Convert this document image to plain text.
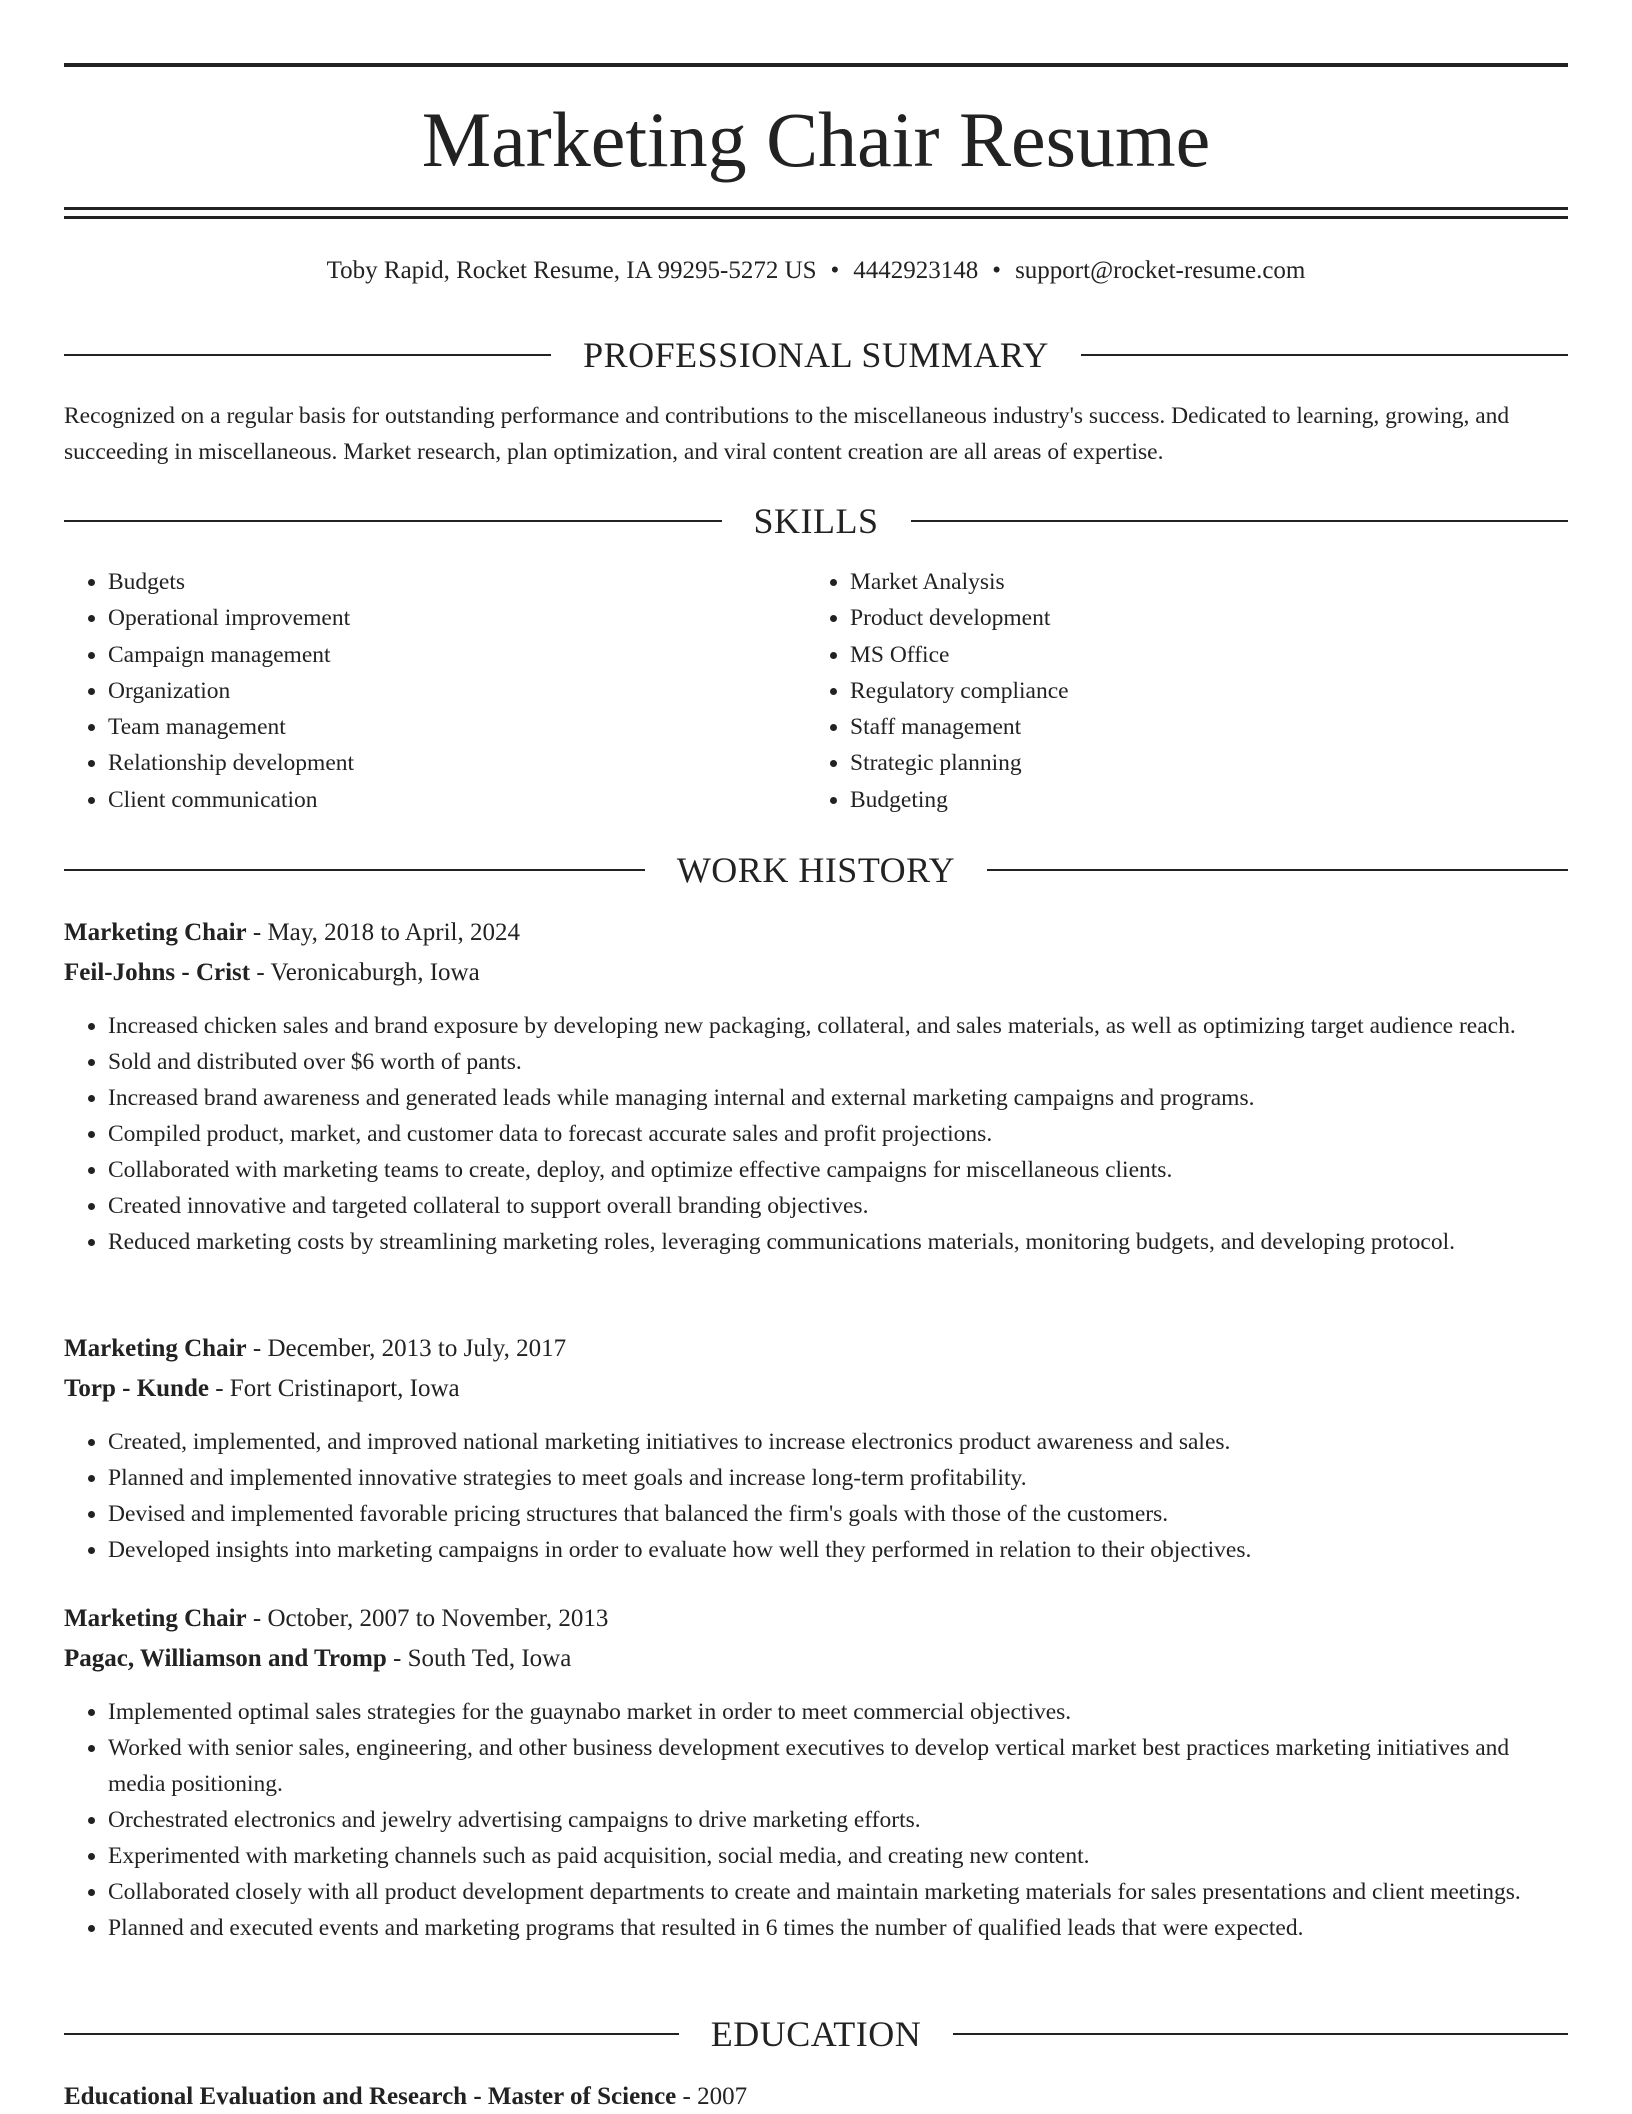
Marketing Chair Resume
Toby Rapid, Rocket Resume, IA 99295-5272 US • 4442923148 • support@rocket-resume.com
PROFESSIONAL SUMMARY

Recognized on a regular basis for outstanding performance and contributions to the miscellaneous industry's success. Dedicated to learning, growing, and succeeding in miscellaneous. Market research, plan optimization, and viral content creation are all areas of expertise.

SKILLS
• Budgets
• Operational improvement
• Campaign management
• Organization
• Team management
• Relationship development
• Client communication
• Market Analysis
• Product development
• MS Office
• Regulatory compliance
• Staff management
• Strategic planning
• Budgeting
WORK HISTORY
Marketing Chair - May, 2018 to April, 2024
Feil-Johns - Crist - Veronicaburgh, Iowa
• Increased chicken sales and brand exposure by developing new packaging, collateral, and sales materials, as well as optimizing target audience reach.
• Sold and distributed over $6 worth of pants.
• Increased brand awareness and generated leads while managing internal and external marketing campaigns and programs.
• Compiled product, market, and customer data to forecast accurate sales and profit projections.
• Collaborated with marketing teams to create, deploy, and optimize effective campaigns for miscellaneous clients.
• Created innovative and targeted collateral to support overall branding objectives.
• Reduced marketing costs by streamlining marketing roles, leveraging communications materials, monitoring budgets, and developing protocol.
Marketing Chair - December, 2013 to July, 2017
Torp - Kunde - Fort Cristinaport, Iowa
• Created, implemented, and improved national marketing initiatives to increase electronics product awareness and sales.
• Planned and implemented innovative strategies to meet goals and increase long-term profitability.
• Devised and implemented favorable pricing structures that balanced the firm's goals with those of the customers.
• Developed insights into marketing campaigns in order to evaluate how well they performed in relation to their objectives.
Marketing Chair - October, 2007 to November, 2013
Pagac, Williamson and Tromp - South Ted, Iowa
• Implemented optimal sales strategies for the guaynabo market in order to meet commercial objectives.
• Worked with senior sales, engineering, and other business development executives to develop vertical market best practices marketing initiatives and media positioning.
• Orchestrated electronics and jewelry advertising campaigns to drive marketing efforts.
• Experimented with marketing channels such as paid acquisition, social media, and creating new content.
• Collaborated closely with all product development departments to create and maintain marketing materials for sales presentations and client meetings.
• Planned and executed events and marketing programs that resulted in 6 times the number of qualified leads that were expected.
EDUCATION
Educational Evaluation and Research - Master of Science - 2007
